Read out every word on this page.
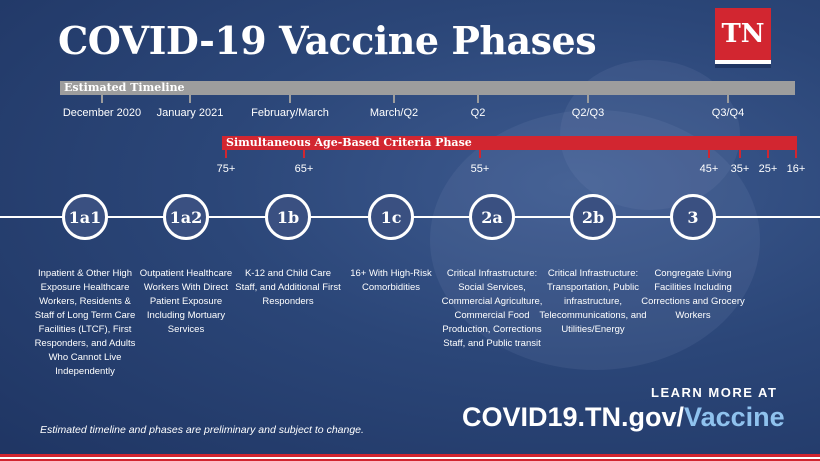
COVID-19 Vaccine Phases	TN
Estimated Timeline
December 2020 January 2021	February/March	March/Q2	Q2	Q2/Q3	Q3/Q4
Simultaneous Age-Based Criteria Phase
75+	65+	55+	45+ 35+ 25+ 16+
1a1
Inpatient & Other High Exposure Healthcare Workers, Residents & Staff of Long Term Care Facilities (LTCF), First Responders, and Adults Who Cannot Live Independently
1a2
Outpatient Healthcare Workers With Direct Patient Exposure Including Mortuary Services
1b
K-12 and Child Care Staff, and Additional First Responders
1c
16+ With High-Risk Comorbidities
2a
Critical Infrastructure: Social Services, Commercial Agriculture, Commercial Food Production, Corrections Staff, and Public transit
2b
Critical Infrastructure: Transportation, Public infrastructure, Telecommunications, and Utilities/Energy
3
Congregate Living Facilities Including Corrections and Grocery Workers
Estimated timeline and phases are preliminary and subject to change.
LEARN MORE AT
COVID19.TN.gov/Vaccine
